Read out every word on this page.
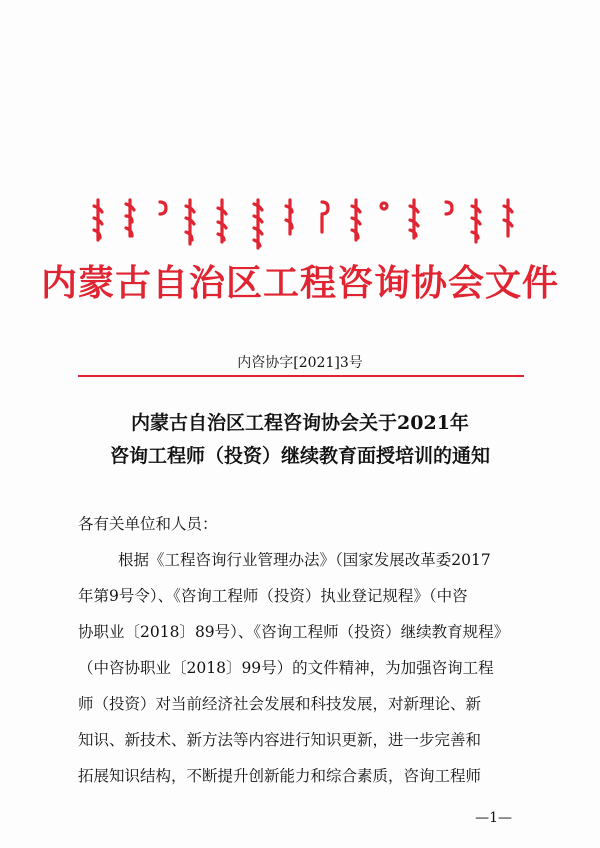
内蒙古自治区工程咨询协会文件
内咨协字[2021]3号
内蒙古自治区工程咨询协会关于2021年
咨询工程师（投资）继续教育面授培训的通知
各有关单位和人员：
根据《工程咨询行业管理办法》（国家发展改革委2017
年第9号令）、《咨询工程师（投资）执业登记规程》（中咨
协职业〔2018〕89号）、《咨询工程师（投资）继续教育规程》
（中咨协职业〔2018〕99号）的文件精神，为加强咨询工程
师（投资）对当前经济社会发展和科技发展，对新理论、新
知识、新技术、新方法等内容进行知识更新，进一步完善和
拓展知识结构，不断提升创新能力和综合素质，咨询工程师
—1—
